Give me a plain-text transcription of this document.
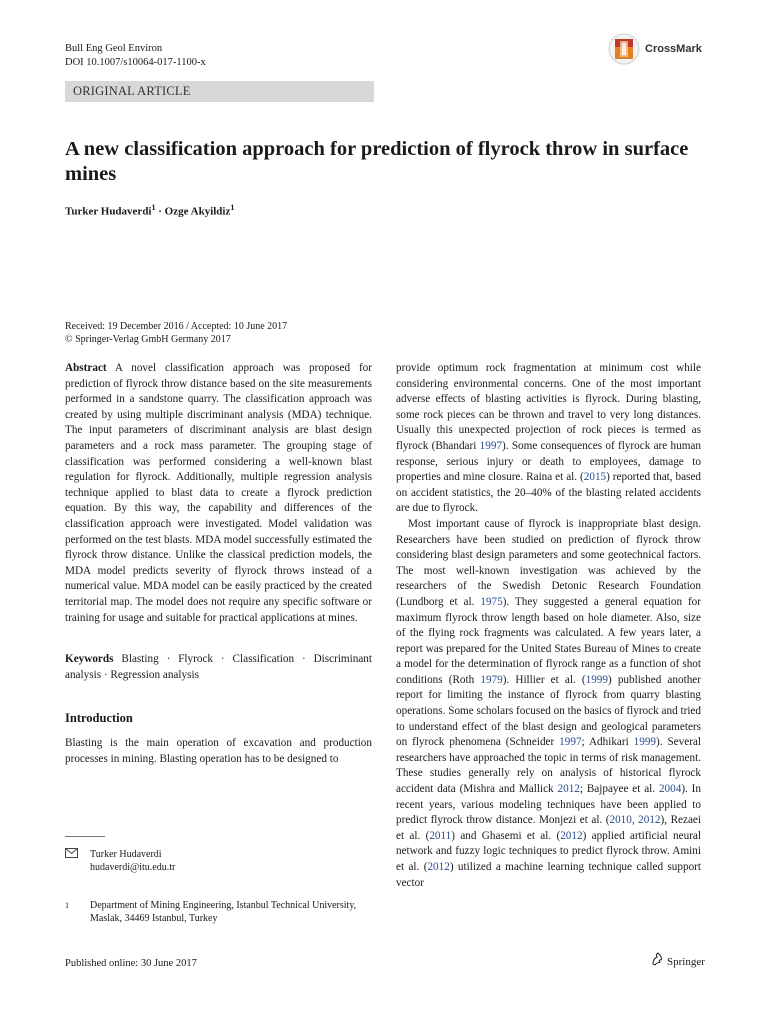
Bull Eng Geol Environ
DOI 10.1007/s10064-017-1100-x
CrossMark
ORIGINAL ARTICLE
A new classification approach for prediction of flyrock throw in surface mines
Turker Hudaverdi$^1$ · Ozge Akyildiz$^1$
Received: 19 December 2016 / Accepted: 10 June 2017
© Springer-Verlag GmbH Germany 2017

Abstract A novel classification approach was proposed for prediction of flyrock throw distance based on the site measurements performed in a sandstone quarry. The classification approach was created by using multiple discriminant analysis (MDA) technique. The input parameters of discriminant analysis are blast design parameters and a rock mass parameter. The grouping stage of classification was performed considering a well-known blast regulation for flyrock. Additionally, multiple regression analysis technique applied to blast data to create a flyrock prediction equation. By this way, the capability and differences of the classification approach were investigated. Model validation was performed on the test blasts. MDA model successfully estimated the flyrock throw distance. Unlike the classical prediction models, the MDA model predicts severity of flyrock throws instead of a numerical value. MDA model can be easily practiced by the created territorial map. The model does not require any specific software or training for usage and suitable for practical applications at mines.

Keywords Blasting · Flyrock · Classification · Discriminant analysis · Regression analysis

Introduction

Blasting is the main operation of excavation and production processes in mining. Blasting operation has to be designed to

provide optimum rock fragmentation at minimum cost while considering environmental concerns. One of the most important adverse effects of blasting activities is flyrock. During blasting, some rock pieces can be thrown and travel to very long distances. Usually this unexpected projection of rock pieces is termed as flyrock (Bhandari 1997). Some consequences of flyrock are human response, serious injury or death to employees, damage to properties and mine closure. Raina et al. (2015) reported that, based on accident statistics, the 20–40% of the blasting related accidents are due to flyrock.

Most important cause of flyrock is inappropriate blast design. Researchers have been studied on prediction of flyrock throw considering blast design parameters and some geotechnical factors. The most well-known investigation was achieved by the researchers of the Swedish Detonic Research Foundation (Lundborg et al. 1975). They suggested a general equation for maximum flyrock throw length based on hole diameter. Also, size of the flying rock fragments was calculated. A few years later, a report was prepared for the United States Bureau of Mines to create a model for the determination of flyrock range as a function of shot conditions (Roth 1979). Hillier et al. (1999) published another report for limiting the instance of flyrock from quarry blasting operations. Some scholars focused on the basics of flyrock and tried to understand effect of the blast design and geological parameters on flyrock phenomena (Schneider 1997; Adhikari 1999). Several researchers have approached the topic in terms of risk management. These studies generally rely on analysis of historical flyrock accident data (Mishra and Mallick 2012; Bajpayee et al. 2004). In recent years, various modeling techniques have been applied to predict flyrock throw distance. Monjezi et al. (2010, 2012), Rezaei et al. (2011) and Ghasemi et al. (2012) applied artificial neural network and fuzzy logic techniques to predict flyrock throw. Amini et al. (2012) utilized a machine learning technique called support vector

Turker Hudaverdi
hudaverdi@itu.edu.tr
1	Department of Mining Engineering, Istanbul Technical University,
Maslak, 34469 Istanbul, Turkey
Published online: 30 June 2017	Springer
